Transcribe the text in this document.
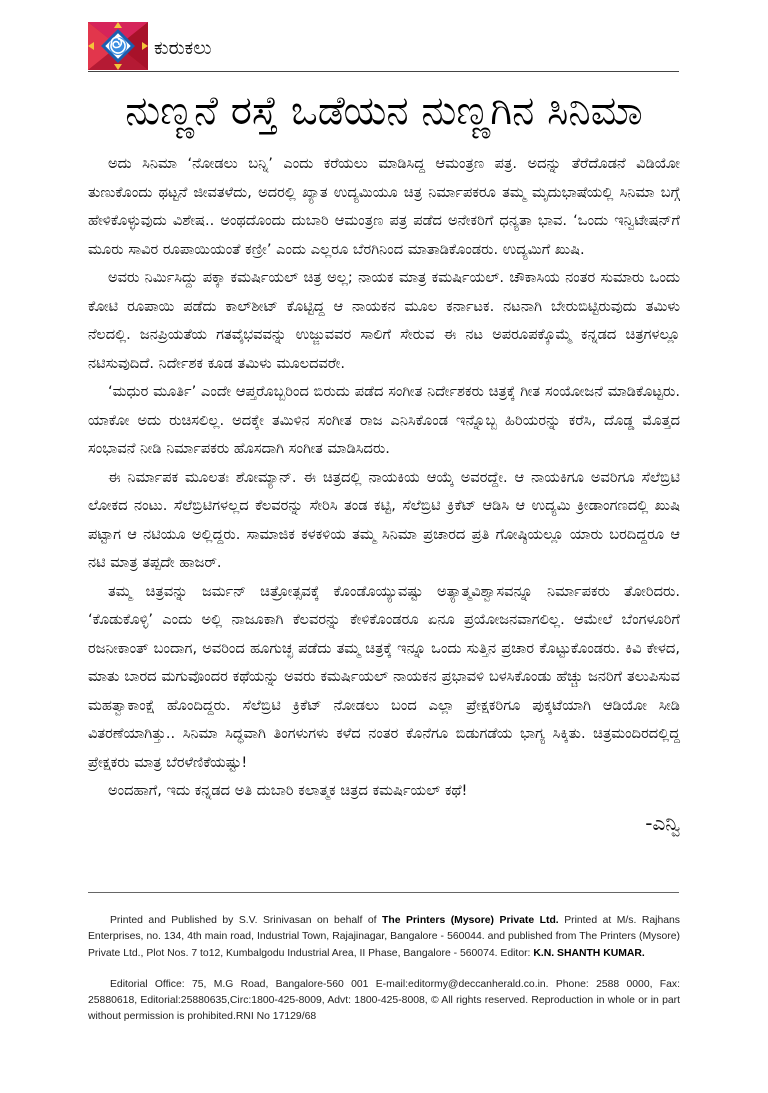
ಕುರುಕಲು
ನುಣ್ಣನೆ ರಸ್ತೆ ಒಡೆಯನ ನುಣ್ಣಗಿನ ಸಿನಿಮಾ

ಅದು ಸಿನಿಮಾ ‘ನೋಡಲು ಬನ್ನಿ’ ಎಂದು ಕರೆಯಲು ಮಾಡಿಸಿದ್ದ ಆಮಂತ್ರಣ ಪತ್ರ. ಅದನ್ನು ತೆರೆದೊಡನೆ ವಿಡಿಯೋ ತುಣುಕೊಂದು ಥಟ್ಟನೆ ಜೀವತಳೆದು, ಅದರಲ್ಲಿ ಖ್ಯಾತ ಉದ್ಯಮಿಯೂ ಚಿತ್ರ ನಿರ್ಮಾಪಕರೂ ತಮ್ಮ ಮೃದುಭಾಷೆಯಲ್ಲಿ ಸಿನಿಮಾ ಬಗ್ಗೆ ಹೇಳಿಕೊಳ್ಳುವುದು ವಿಶೇಷ.. ಅಂಥದೊಂದು ದುಬಾರಿ ಆಮಂತ್ರಣ ಪತ್ರ ಪಡೆದ ಅನೇಕರಿಗೆ ಧನ್ಯತಾ ಭಾವ. ‘ಒಂದು ಇನ್ವಿಟೇಷನ್‌ಗೆ ಮೂರು ಸಾವಿರ ರೂಪಾಯಿಯಂತೆ ಕಣ್ರೀ’ ಎಂದು ಎಲ್ಲರೂ ಬೆರಗಿನಿಂದ ಮಾತಾಡಿಕೊಂಡರು. ಉದ್ಯಮಿಗೆ ಖುಷಿ.

ಅವರು ನಿರ್ಮಿಸಿದ್ದು ಪಕ್ಕಾ ಕಮರ್ಷಿಯಲ್ ಚಿತ್ರ ಅಲ್ಲ; ನಾಯಕ ಮಾತ್ರ ಕಮರ್ಷಿಯಲ್. ಚೌಕಾಸಿಯ ನಂತರ ಸುಮಾರು ಒಂದು ಕೋಟಿ ರೂಪಾಯಿ ಪಡೆದು ಕಾಲ್‌ಶೀಟ್ ಕೊಟ್ಟಿದ್ದ ಆ ನಾಯಕನ ಮೂಲ ಕರ್ನಾಟಕ. ನಟನಾಗಿ ಬೇರುಬಿಟ್ಟಿರುವುದು ತಮಿಳು ನೆಲದಲ್ಲಿ. ಜನಪ್ರಿಯತೆಯ ಗತವೈಭವವನ್ನು ಉಜ್ಜುವವರ ಸಾಲಿಗೆ ಸೇರುವ ಈ ನಟ ಅಪರೂಪಕ್ಕೊಮ್ಮೆ ಕನ್ನಡದ ಚಿತ್ರಗಳಲ್ಲೂ ನಟಿಸುವುದಿದೆ. ನಿರ್ದೇಶಕ ಕೂಡ ತಮಿಳು ಮೂಲದವರೇ.

‘ಮಧುರ ಮೂರ್ತಿ’ ಎಂದೇ ಆಪ್ತರೊಬ್ಬರಿಂದ ಬಿರುದು ಪಡೆದ ಸಂಗೀತ ನಿರ್ದೇಶಕರು ಚಿತ್ರಕ್ಕೆ ಗೀತ ಸಂಯೋಜನೆ ಮಾಡಿಕೊಟ್ಟರು. ಯಾಕೋ ಅದು ರುಚಿಸಲಿಲ್ಲ. ಅದಕ್ಕೇ ತಮಿಳಿನ ಸಂಗೀತ ರಾಜ ಎನಿಸಿಕೊಂಡ ಇನ್ನೊಬ್ಬ ಹಿರಿಯರನ್ನು ಕರೆಸಿ, ದೊಡ್ಡ ಮೊತ್ತದ ಸಂಭಾವನೆ ನೀಡಿ ನಿರ್ಮಾಪಕರು ಹೊಸದಾಗಿ ಸಂಗೀತ ಮಾಡಿಸಿದರು.

ಈ ನಿರ್ಮಾಪಕ ಮೂಲತಃ ಶೋಮ್ಯಾನ್. ಈ ಚಿತ್ರದಲ್ಲಿ ನಾಯಕಿಯ ಆಯ್ಕೆ ಅವರದ್ದೇ. ಆ ನಾಯಕಿಗೂ ಅವರಿಗೂ ಸೆಲೆಬ್ರಿಟಿ ಲೋಕದ ನಂಟು. ಸೆಲೆಬ್ರಿಟಿಗಳಲ್ಲದ ಕೆಲವರನ್ನು ಸೇರಿಸಿ ತಂಡ ಕಟ್ಟಿ, ಸೆಲೆಬ್ರಿಟಿ ಕ್ರಿಕೆಟ್ ಆಡಿಸಿ ಆ ಉದ್ಯಮಿ ಕ್ರೀಡಾಂಗಣದಲ್ಲಿ ಖುಷಿ ಪಟ್ಟಾಗ ಆ ನಟಿಯೂ ಅಲ್ಲಿದ್ದರು. ಸಾಮಾಜಿಕ ಕಳಕಳಿಯ ತಮ್ಮ ಸಿನಿಮಾ ಪ್ರಚಾರದ ಪ್ರತಿ ಗೋಷ್ಠಿಯಲ್ಲೂ ಯಾರು ಬರದಿದ್ದರೂ ಆ ನಟಿ ಮಾತ್ರ ತಪ್ಪದೇ ಹಾಜರ್.

ತಮ್ಮ ಚಿತ್ರವನ್ನು ಜರ್ಮನ್ ಚಿತ್ರೋತ್ಸವಕ್ಕೆ ಕೊಂಡೊಯ್ಯುವಷ್ಟು ಅತ್ಯಾತ್ಮವಿಶ್ವಾಸವನ್ನೂ ನಿರ್ಮಾಪಕರು ತೋರಿದರು. ‘ಕೊಡುಕೊಳ್ಳಿ’ ಎಂದು ಅಲ್ಲಿ ನಾಜೂಕಾಗಿ ಕೆಲವರನ್ನು ಕೇಳಿಕೊಂಡರೂ ಏನೂ ಪ್ರಯೋಜನವಾಗಲಿಲ್ಲ. ಆಮೇಲೆ ಬೆಂಗಳೂರಿಗೆ ರಜನೀಕಾಂತ್ ಬಂದಾಗ, ಅವರಿಂದ ಹೂಗುಚ್ಛ ಪಡೆದು ತಮ್ಮ ಚಿತ್ರಕ್ಕೆ ಇನ್ನೂ ಒಂದು ಸುತ್ತಿನ ಪ್ರಚಾರ ಕೊಟ್ಟುಕೊಂಡರು. ಕಿವಿ ಕೇಳದ, ಮಾತು ಬಾರದ ಮಗುವೊಂದರ ಕಥೆಯನ್ನು ಅವರು ಕಮರ್ಷಿಯಲ್ ನಾಯಕನ ಪ್ರಭಾವಳಿ ಬಳಸಿಕೊಂಡು ಹೆಚ್ಚು ಜನರಿಗೆ ತಲುಪಿಸುವ ಮಹತ್ವಾಕಾಂಕ್ಷೆ ಹೊಂದಿದ್ದರು. ಸೆಲೆಬ್ರಿಟಿ ಕ್ರಿಕೆಟ್ ನೋಡಲು ಬಂದ ಎಲ್ಲಾ ಪ್ರೇಕ್ಷಕರಿಗೂ ಪುಕ್ಕಟೆಯಾಗಿ ಆಡಿಯೋ ಸೀಡಿ ವಿತರಣೆಯಾಗಿತ್ತು.. ಸಿನಿಮಾ ಸಿದ್ಧವಾಗಿ ತಿಂಗಳುಗಳು ಕಳೆದ ನಂತರ ಕೊನೆಗೂ ಬಿಡುಗಡೆಯ ಭಾಗ್ಯ ಸಿಕ್ಕಿತು. ಚಿತ್ರಮಂದಿರದಲ್ಲಿದ್ದ ಪ್ರೇಕ್ಷಕರು ಮಾತ್ರ ಬೆರಳೆಣಿಕೆಯಷ್ಟು!

ಅಂದಹಾಗೆ, ಇದು ಕನ್ನಡದ ಅತಿ ದುಬಾರಿ ಕಲಾತ್ಮಕ ಚಿತ್ರದ ಕಮರ್ಷಿಯಲ್ ಕಥೆ!

-ಎನ್ವಿ

Printed and Published by S.V. Srinivasan on behalf of The Printers (Mysore) Private Ltd. Printed at M/s. Rajhans Enterprises, no. 134, 4th main road, Industrial Town, Rajajinagar, Bangalore - 560044. and published from The Printers (Mysore) Private Ltd., Plot Nos. 7 to12, Kumbalgodu Industrial Area, II Phase, Bangalore - 560074. Editor: K.N. SHANTH KUMAR.

Editorial Office: 75, M.G Road, Bangalore-560 001 E-mail:editormy@deccanherald.co.in. Phone: 2588 0000, Fax: 25880618, Editorial:25880635,Circ:1800-425-8009, Advt: 1800-425-8008, © All rights reserved. Reproduction in whole or in part without permission is prohibited.RNI No 17129/68
